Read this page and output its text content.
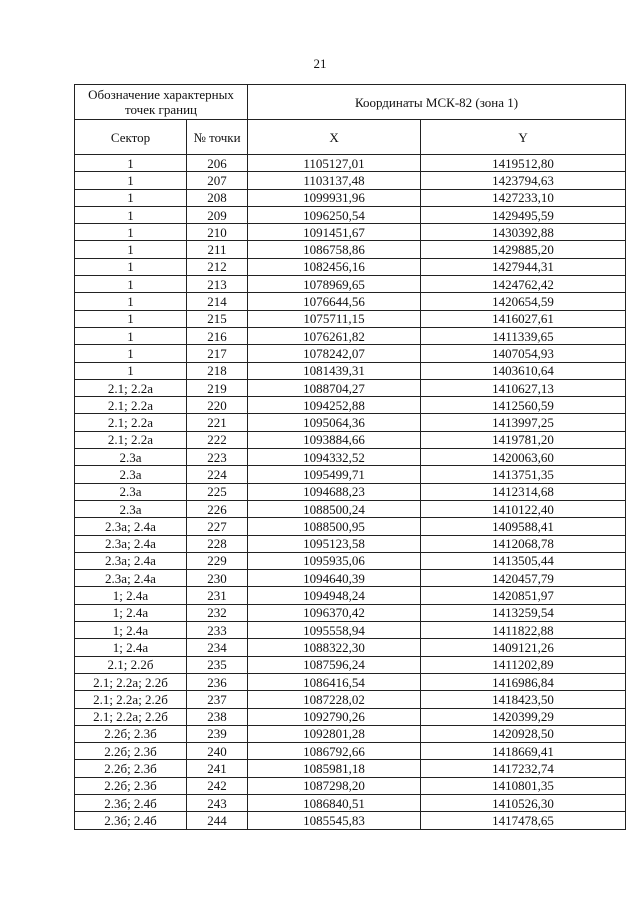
21
Обозначение характерных точек границ		Координаты МСК-82 (зона 1)	
Сектор	№ точки	X	Y
1	206	1105127,01	1419512,80
1	207	1103137,48	1423794,63
1	208	1099931,96	1427233,10
1	209	1096250,54	1429495,59
1	210	1091451,67	1430392,88
1	211	1086758,86	1429885,20
1	212	1082456,16	1427944,31
1	213	1078969,65	1424762,42
1	214	1076644,56	1420654,59
1	215	1075711,15	1416027,61
1	216	1076261,82	1411339,65
1	217	1078242,07	1407054,93
1	218	1081439,31	1403610,64
2.1; 2.2а	219	1088704,27	1410627,13
2.1; 2.2а	220	1094252,88	1412560,59
2.1; 2.2а	221	1095064,36	1413997,25
2.1; 2.2а	222	1093884,66	1419781,20
2.3а	223	1094332,52	1420063,60
2.3а	224	1095499,71	1413751,35
2.3а	225	1094688,23	1412314,68
2.3а	226	1088500,24	1410122,40
2.3а; 2.4а	227	1088500,95	1409588,41
2.3а; 2.4а	228	1095123,58	1412068,78
2.3а; 2.4а	229	1095935,06	1413505,44
2.3а; 2.4а	230	1094640,39	1420457,79
1; 2.4а	231	1094948,24	1420851,97
1; 2.4а	232	1096370,42	1413259,54
1; 2.4а	233	1095558,94	1411822,88
1; 2.4а	234	1088322,30	1409121,26
2.1; 2.2б	235	1087596,24	1411202,89
2.1; 2.2а; 2.2б	236	1086416,54	1416986,84
2.1; 2.2а; 2.2б	237	1087228,02	1418423,50
2.1; 2.2а; 2.2б	238	1092790,26	1420399,29
2.2б; 2.3б	239	1092801,28	1420928,50
2.2б; 2.3б	240	1086792,66	1418669,41
2.2б; 2.3б	241	1085981,18	1417232,74
2.2б; 2.3б	242	1087298,20	1410801,35
2.3б; 2.4б	243	1086840,51	1410526,30
2.3б; 2.4б	244	1085545,83	1417478,65
